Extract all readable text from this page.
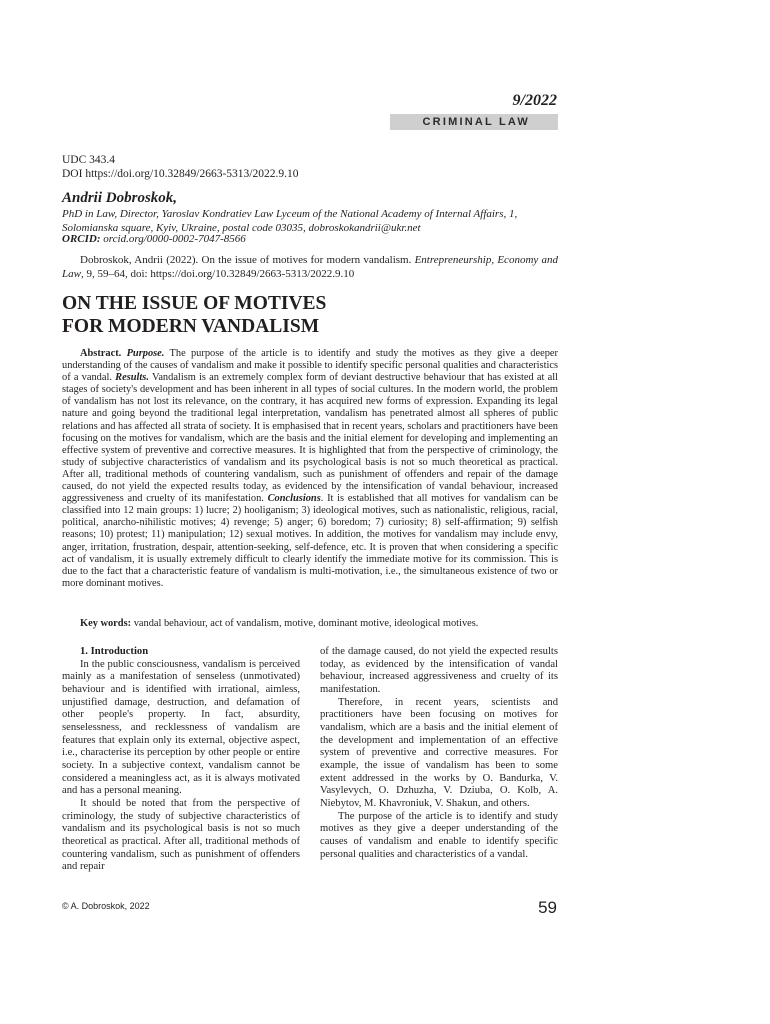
9/2022
CRIMINAL LAW
UDC 343.4
DOI https://doi.org/10.32849/2663-5313/2022.9.10
Andrii Dobroskok,
PhD in Law, Director, Yaroslav Kondratiev Law Lyceum of the National Academy of Internal Affairs, 1, Solomianska square, Kyiv, Ukraine, postal code 03035, dobroskokandrii@ukr.net
ORCID: orcid.org/0000-0002-7047-8566
Dobroskok, Andrii (2022). On the issue of motives for modern vandalism. Entrepreneurship, Economy and Law, 9, 59–64, doi: https://doi.org/10.32849/2663-5313/2022.9.10
ON THE ISSUE OF MOTIVES
FOR MODERN VANDALISM
Abstract. Purpose. The purpose of the article is to identify and study the motives as they give a deeper understanding of the causes of vandalism and make it possible to identify specific personal qualities and characteristics of a vandal. Results. Vandalism is an extremely complex form of deviant destructive behaviour that has existed at all stages of society's development and has been inherent in all types of social cultures. In the modern world, the problem of vandalism has not lost its relevance, on the contrary, it has acquired new forms of expression. Expanding its legal nature and going beyond the traditional legal interpretation, vandalism has penetrated almost all spheres of public relations and has affected all strata of society. It is emphasised that in recent years, scholars and practitioners have been focusing on the motives for vandalism, which are the basis and the initial element for developing and implementing an effective system of preventive and corrective measures. It is highlighted that from the perspective of criminology, the study of subjective characteristics of vandalism and its psychological basis is not so much theoretical as practical. After all, traditional methods of countering vandalism, such as punishment of offenders and repair of the damage caused, do not yield the expected results today, as evidenced by the intensification of vandal behaviour, increased aggressiveness and cruelty of its manifestation. Conclusions. It is established that all motives for vandalism can be classified into 12 main groups: 1) lucre; 2) hooliganism; 3) ideological motives, such as nationalistic, religious, racial, political, anarcho-nihilistic motives; 4) revenge; 5) anger; 6) boredom; 7) curiosity; 8) self-affirmation; 9) selfish reasons; 10) protest; 11) manipulation; 12) sexual motives. In addition, the motives for vandalism may include envy, anger, irritation, frustration, despair, attention-seeking, self-defence, etc. It is proven that when considering a specific act of vandalism, it is usually extremely difficult to clearly identify the immediate motive for its commission. This is due to the fact that a characteristic feature of vandalism is multi-motivation, i.e., the simultaneous existence of two or more dominant motives.
Key words: vandal behaviour, act of vandalism, motive, dominant motive, ideological motives.
1. Introduction

In the public consciousness, vandalism is perceived mainly as a manifestation of senseless (unmotivated) behaviour and is identified with irrational, aimless, unjustified damage, destruction, and defamation of other people's property. In fact, absurdity, senselessness, and recklessness of vandalism are features that explain only its external, objective aspect, i.e., characterise its perception by other people or entire society. In a subjective context, vandalism cannot be considered a meaningless act, as it is always motivated and has a personal meaning.

It should be noted that from the perspective of criminology, the study of subjective characteristics of vandalism and its psychological basis is not so much theoretical as practical. After all, traditional methods of countering vandalism, such as punishment of offenders and repair

of the damage caused, do not yield the expected results today, as evidenced by the intensification of vandal behaviour, increased aggressiveness and cruelty of its manifestation.

Therefore, in recent years, scientists and practitioners have been focusing on motives for vandalism, which are a basis and the initial element of the development and implementation of an effective system of preventive and corrective measures. For example, the issue of vandalism has been to some extent addressed in the works by O. Bandurka, V. Vasylevych, O. Dzhuzha, V. Dziuba, O. Kolb, A. Niebytov, M. Khavroniuk, V. Shakun, and others.

The purpose of the article is to identify and study motives as they give a deeper understanding of the causes of vandalism and enable to identify specific personal qualities and characteristics of a vandal.

© A. Dobroskok, 2022	59
